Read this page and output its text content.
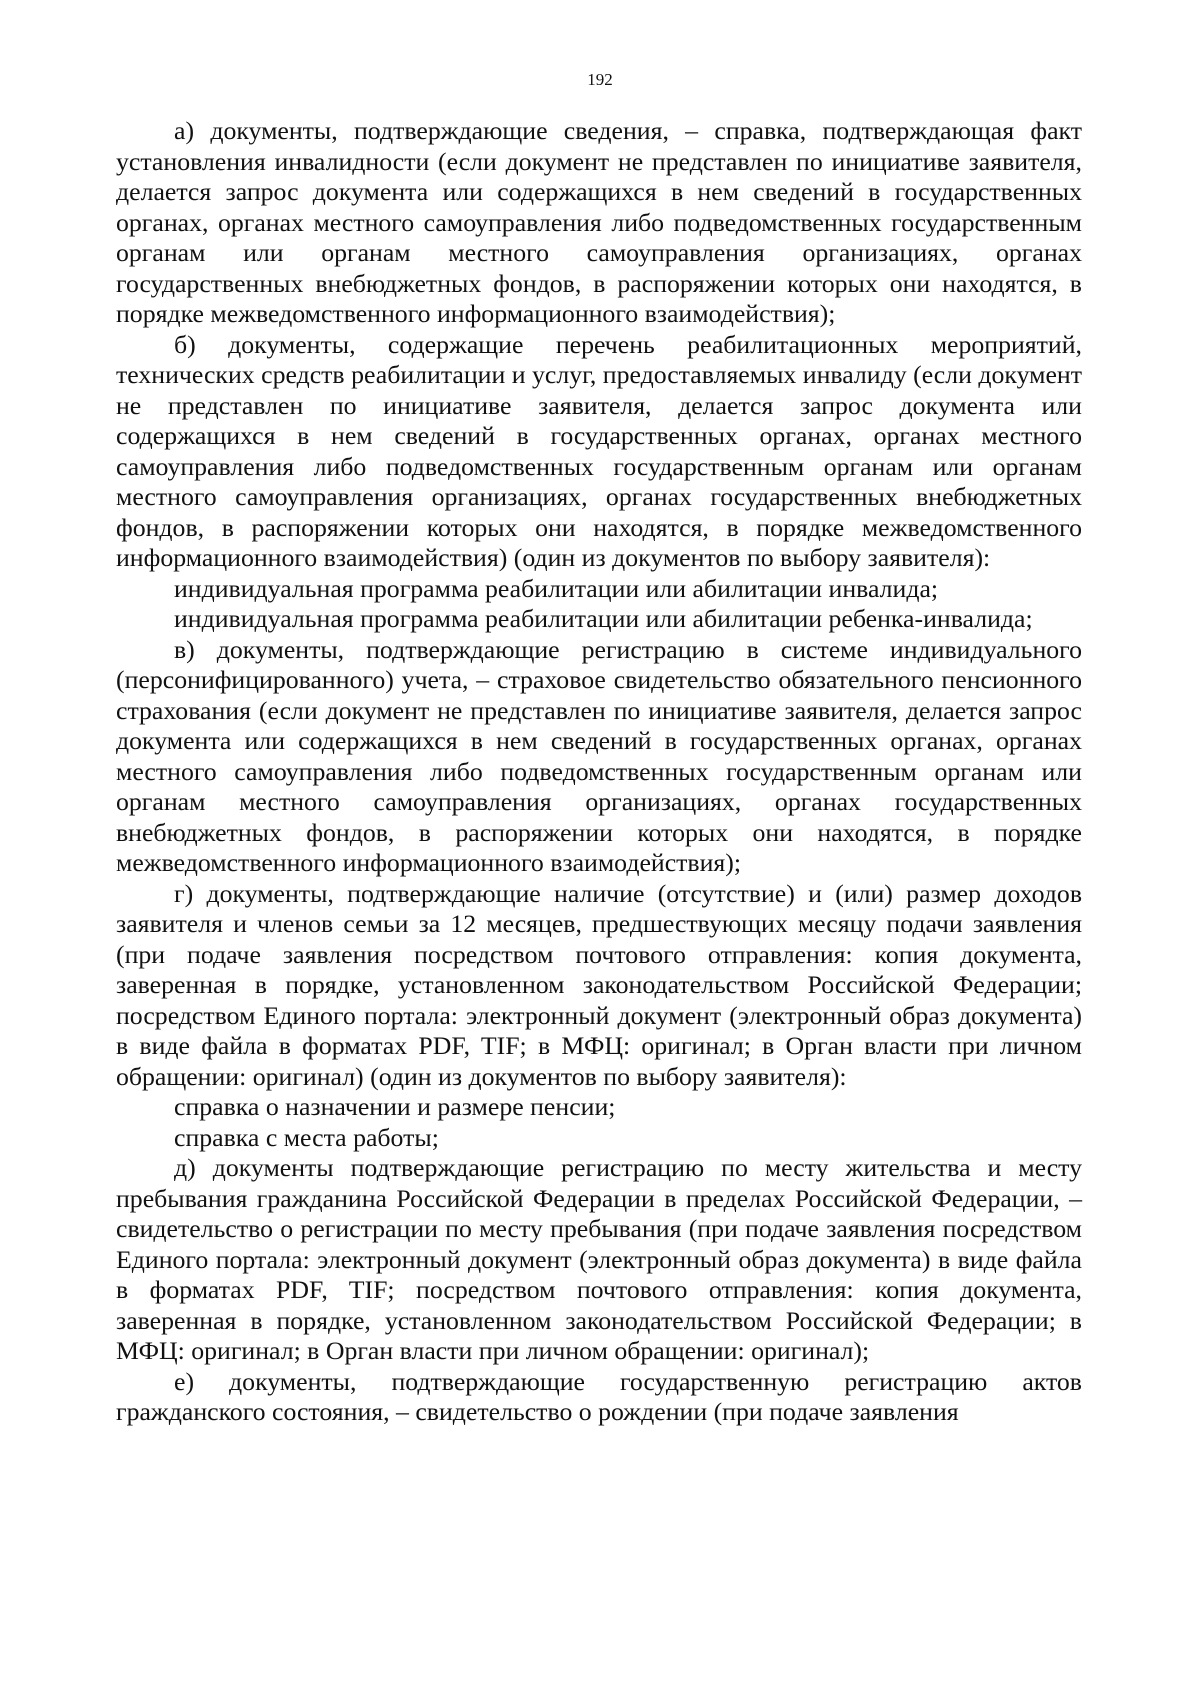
192

а) документы, подтверждающие сведения, – справка, подтверждающая факт установления инвалидности (если документ не представлен по инициативе заявителя, делается запрос документа или содержащихся в нем сведений в государственных органах, органах местного самоуправления либо подведомственных государственным органам или органам местного самоуправления организациях, органах государственных внебюджетных фондов, в распоряжении которых они находятся, в порядке межведомственного информационного взаимодействия);

б) документы, содержащие перечень реабилитационных мероприятий, технических средств реабилитации и услуг, предоставляемых инвалиду (если документ не представлен по инициативе заявителя, делается запрос документа или содержащихся в нем сведений в государственных органах, органах местного самоуправления либо подведомственных государственным органам или органам местного самоуправления организациях, органах государственных внебюджетных фондов, в распоряжении которых они находятся, в порядке межведомственного информационного взаимодействия) (один из документов по выбору заявителя):

индивидуальная программа реабилитации или абилитации инвалида;

индивидуальная программа реабилитации или абилитации ребенка-инвалида;

в) документы, подтверждающие регистрацию в системе индивидуального (персонифицированного) учета, – страховое свидетельство обязательного пенсионного страхования (если документ не представлен по инициативе заявителя, делается запрос документа или содержащихся в нем сведений в государственных органах, органах местного самоуправления либо подведомственных государственным органам или органам местного самоуправления организациях, органах государственных внебюджетных фондов, в распоряжении которых они находятся, в порядке межведомственного информационного взаимодействия);

г) документы, подтверждающие наличие (отсутствие) и (или) размер доходов заявителя и членов семьи за 12 месяцев, предшествующих месяцу подачи заявления (при подаче заявления посредством почтового отправления: копия документа, заверенная в порядке, установленном законодательством Российской Федерации; посредством Единого портала: электронный документ (электронный образ документа) в виде файла в форматах PDF, TIF; в МФЦ: оригинал; в Орган власти при личном обращении: оригинал) (один из документов по выбору заявителя):

справка о назначении и размере пенсии;

справка с места работы;

д) документы подтверждающие регистрацию по месту жительства и месту пребывания гражданина Российской Федерации в пределах Российской Федерации, – свидетельство о регистрации по месту пребывания (при подаче заявления посредством Единого портала: электронный документ (электронный образ документа) в виде файла в форматах PDF, TIF; посредством почтового отправления: копия документа, заверенная в порядке, установленном законодательством Российской Федерации; в МФЦ: оригинал; в Орган власти при личном обращении: оригинал);

е) документы, подтверждающие государственную регистрацию актов гражданского состояния, – свидетельство о рождении (при подаче заявления
